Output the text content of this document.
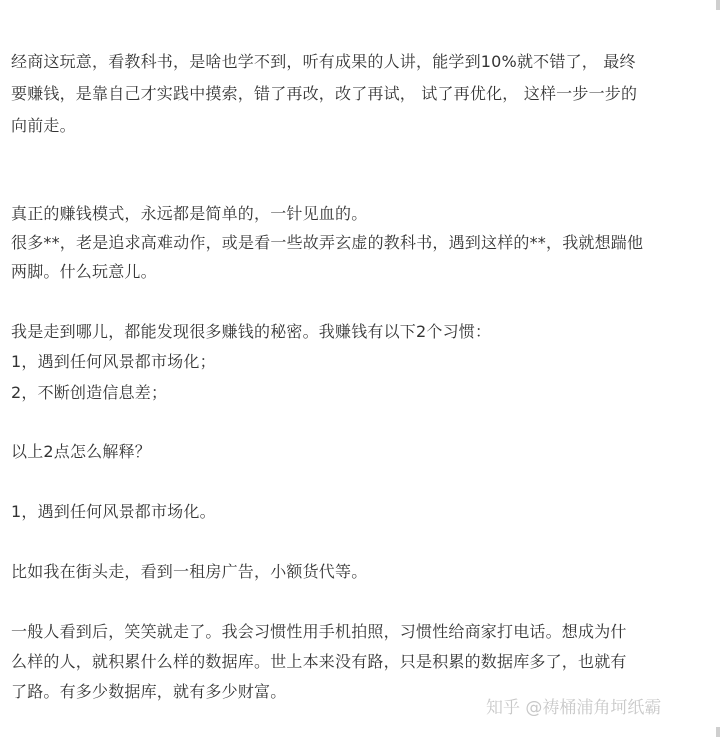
经商这玩意，看教科书，是啥也学不到，听有成果的人讲，能学到10%就不错了， 最终
要赚钱，是靠自己才实践中摸索，错了再改，改了再试， 试了再优化， 这样一步一步的
向前走。
真正的赚钱模式，永远都是简单的，一针见血的。
很多**，老是追求高难动作，或是看一些故弄玄虚的教科书，遇到这样的**，我就想踹他
两脚。什么玩意儿。
我是走到哪儿，都能发现很多赚钱的秘密。我赚钱有以下2个习惯：
1，遇到任何风景都市场化；
2，不断创造信息差；
以上2点怎么解释？
1，遇到任何风景都市场化。
比如我在街头走，看到一租房广告，小额货代等。
一般人看到后，笑笑就走了。我会习惯性用手机拍照，习惯性给商家打电话。想成为什
么样的人，就积累什么样的数据库。世上本来没有路，只是积累的数据库多了，也就有
了路。有多少数据库，就有多少财富。
知乎 @祷桶浦角坷纸霸
